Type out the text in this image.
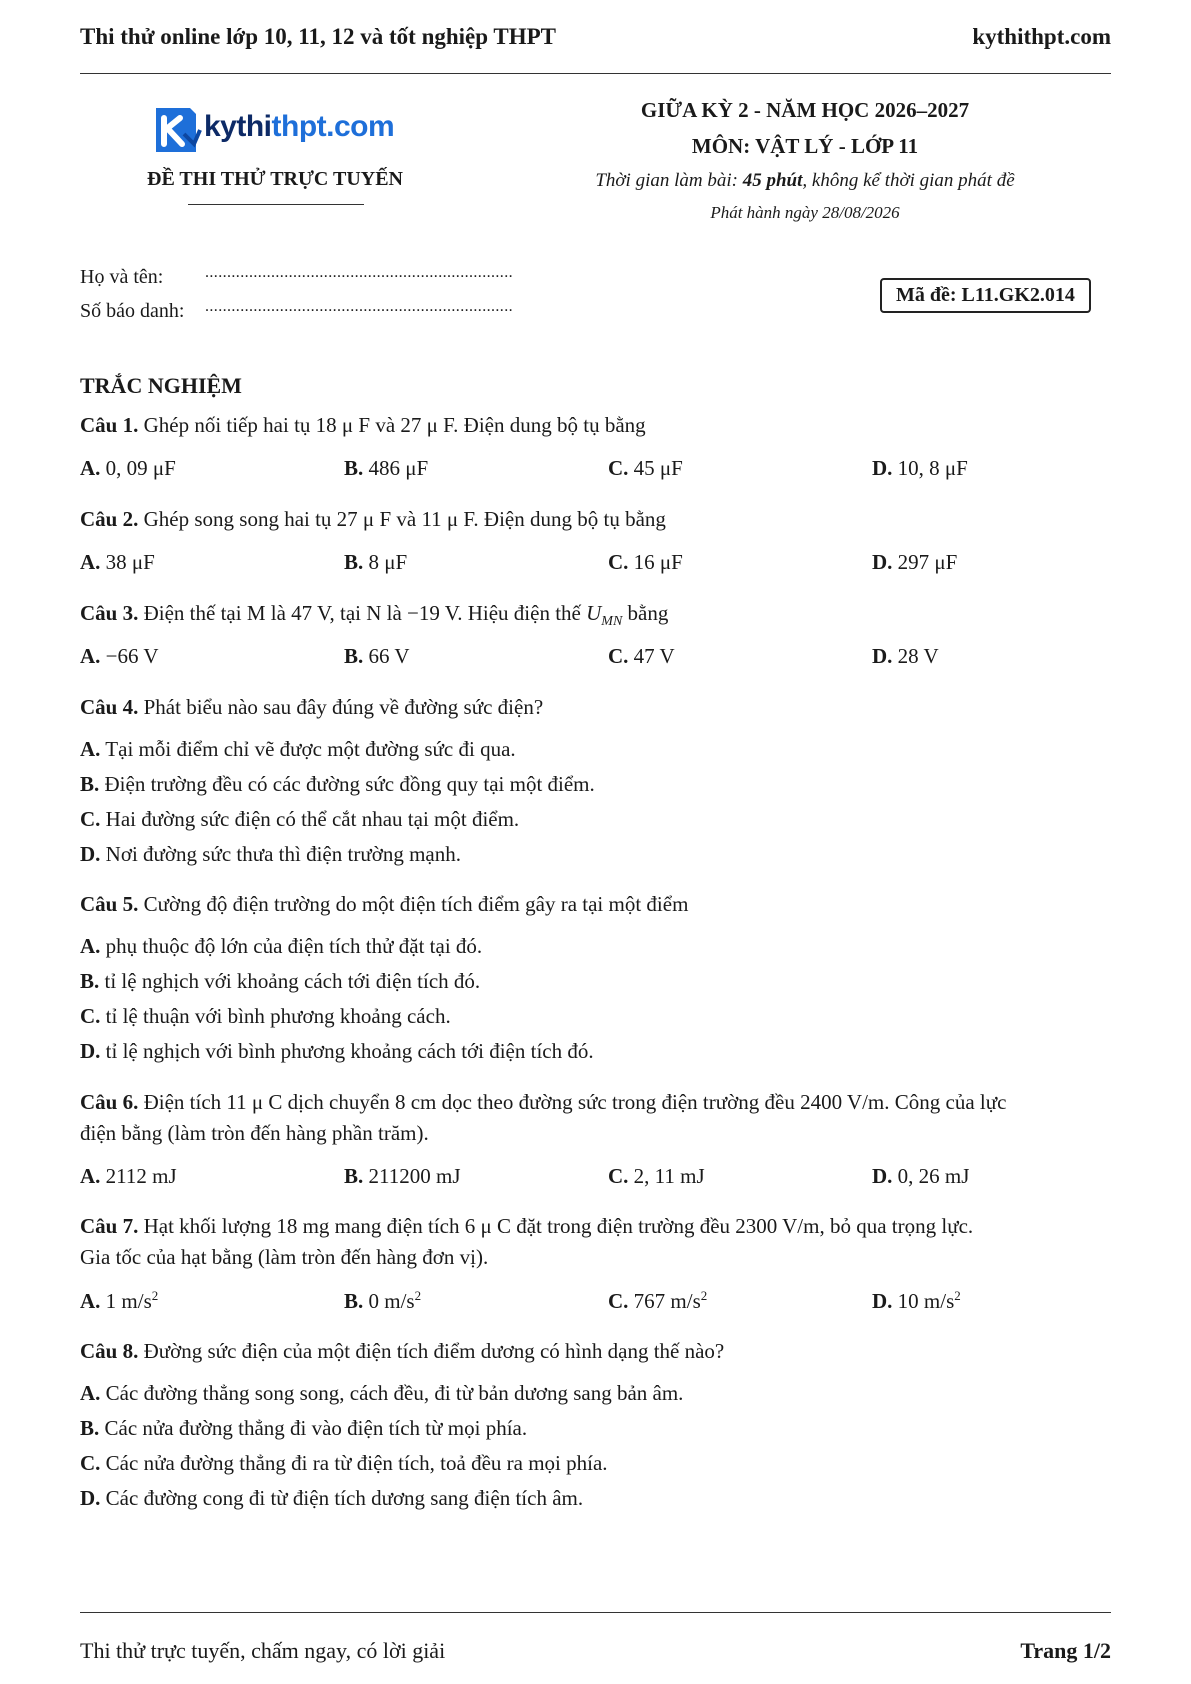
Thi thử online lớp 10, 11, 12 và tốt nghiệp THPT	kythithpt.com
kythithpt.com
ĐỀ THI THỬ TRỰC TUYẾN
GIỮA KỲ 2 - NĂM HỌC 2026–2027
MÔN: VẬT LÝ - LỚP 11
Thời gian làm bài: 45 phút, không kể thời gian phát đề
Phát hành ngày 28/08/2026
Họ và tên:	......................................................................
Số báo danh: ......................................................................
Mã đề: L11.GK2.014
TRẮC NGHIỆM
Câu 1. Ghép nối tiếp hai tụ 18 μ F và 27 μ F. Điện dung bộ tụ bằng
A. 0, 09 μF	B. 486 μF	C. 45 μF	D. 10, 8 μF
Câu 2. Ghép song song hai tụ 27 μ F và 11 μ F. Điện dung bộ tụ bằng
A. 38 μF	B. 8 μF	C. 16 μF	D. 297 μF
Câu 3. Điện thế tại M là 47 V, tại N là −19 V. Hiệu điện thế $U_{MN}$ bằng
A. −66 V	B. 66 V	C. 47 V	D. 28 V
Câu 4. Phát biểu nào sau đây đúng về đường sức điện?
A. Tại mỗi điểm chỉ vẽ được một đường sức đi qua.
B. Điện trường đều có các đường sức đồng quy tại một điểm.
C. Hai đường sức điện có thể cắt nhau tại một điểm.
D. Nơi đường sức thưa thì điện trường mạnh.
Câu 5. Cường độ điện trường do một điện tích điểm gây ra tại một điểm
A. phụ thuộc độ lớn của điện tích thử đặt tại đó.
B. tỉ lệ nghịch với khoảng cách tới điện tích đó.
C. tỉ lệ thuận với bình phương khoảng cách.
D. tỉ lệ nghịch với bình phương khoảng cách tới điện tích đó.
Câu 6. Điện tích 11 μ C dịch chuyển 8 cm dọc theo đường sức trong điện trường đều 2400 V/m. Công của lực
điện bằng (làm tròn đến hàng phần trăm).
A. 2112 mJ	B. 211200 mJ	C. 2, 11 mJ	D. 0, 26 mJ
Câu 7. Hạt khối lượng 18 mg mang điện tích 6 μ C đặt trong điện trường đều 2300 V/m, bỏ qua trọng lực.
Gia tốc của hạt bằng (làm tròn đến hàng đơn vị).
A. 1 $m/s^2$	B. 0 $m/s^2$	C. 767 $m/s^2$	D. 10 $m/s^2$
Câu 8. Đường sức điện của một điện tích điểm dương có hình dạng thế nào?
A. Các đường thẳng song song, cách đều, đi từ bản dương sang bản âm.
B. Các nửa đường thẳng đi vào điện tích từ mọi phía.
C. Các nửa đường thẳng đi ra từ điện tích, toả đều ra mọi phía.
D. Các đường cong đi từ điện tích dương sang điện tích âm.
Thi thử trực tuyến, chấm ngay, có lời giải	Trang 1/2
